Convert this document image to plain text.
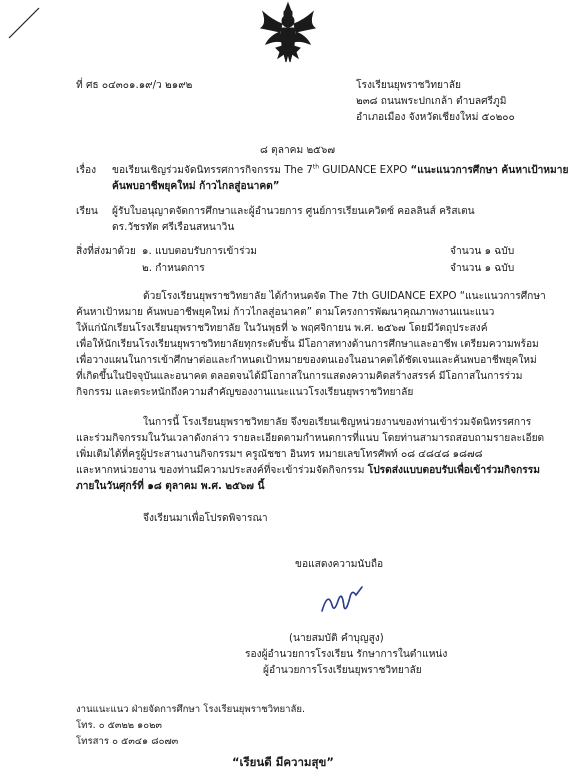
ที่ ศธ ๐๔๓๐๑.๑๙/ว ๒๑๙๒	โรงเรียนยุพราชวิทยาลัย
๒๓๘ ถนนพระปกเกล้า ตำบลศรีภูมิ
อำเภอเมือง จังหวัดเชียงใหม่ ๕๐๒๐๐
๘ ตุลาคม ๒๕๖๗
เรื่อง ขอเรียนเชิญร่วมจัดนิทรรศการกิจกรรม The 7th GUIDANCE EXPO “แนะแนวการศึกษา ค้นหาเป้าหมาย
ค้นพบอาชีพยุคใหม่ ก้าวไกลสู่อนาคต”
เรียน ผู้รับใบอนุญาตจัดการศึกษาและผู้อำนวยการ ศูนย์การเรียนเควิดซ์ คอลลินส์ คริสเตน
ดร.วัชรทัต ศรีเรือนสหนาวิน
สิ่งที่ส่งมาด้วย ๑. แบบตอบรับการเข้าร่วม	จำนวน ๑ ฉบับ
๒. กำหนดการ	จำนวน ๑ ฉบับ
ด้วยโรงเรียนยุพราชวิทยาลัย ได้กำหนดจัด The 7th GUIDANCE EXPO “แนะแนวการศึกษา
ค้นหาเป้าหมาย ค้นพบอาชีพยุคใหม่ ก้าวไกลสู่อนาคต” ตามโครงการพัฒนาคุณภาพงานแนะแนว
ให้แก่นักเรียนโรงเรียนยุพราชวิทยาลัย ในวันพุธที่ ๖ พฤศจิกายน พ.ศ. ๒๕๖๗ โดยมีวัตถุประสงค์
เพื่อให้นักเรียนโรงเรียนยุพราชวิทยาลัยทุกระดับชั้น มีโอกาสทางด้านการศึกษาและอาชีพ เตรียมความพร้อม
เพื่อวางแผนในการเข้าศึกษาต่อและกำหนดเป้าหมายของตนเองในอนาคตได้ชัดเจนและค้นพบอาชีพยุคใหม่
ที่เกิดขึ้นในปัจจุบันและอนาคต ตลอดจนได้มีโอกาสในการแสดงความคิดสร้างสรรค์ มีโอกาสในการร่วม
กิจกรรม และตระหนักถึงความสำคัญของงานแนะแนวโรงเรียนยุพราชวิทยาลัย
ในการนี้ โรงเรียนยุพราชวิทยาลัย จึงขอเรียนเชิญหน่วยงานของท่านเข้าร่วมจัดนิทรรศการ
และร่วมกิจกรรมในวันเวลาดังกล่าว รายละเอียดตามกำหนดการที่แนบ โดยท่านสามารถสอบถามรายละเอียด
เพิ่มเติมได้ที่ครูผู้ประสานงานกิจกรรมฯ ครูณัชชา อินทร หมายเลขโทรศัพท์ ๐๘ ๔๘๔๘ ๑๘๗๘
และหากหน่วยงาน ของท่านมีความประสงค์ที่จะเข้าร่วมจัดกิจกรรม โปรดส่งแบบตอบรับเพื่อเข้าร่วมกิจกรรม
ภายในวันศุกร์ที่ ๑๘ ตุลาคม พ.ศ. ๒๕๖๗ นี้
จึงเรียนมาเพื่อโปรดพิจารณา
ขอแสดงความนับถือ
(นายสมบัติ คำบุญสูง)
รองผู้อำนวยการโรงเรียน รักษาการในตำแหน่ง
ผู้อำนวยการโรงเรียนยุพราชวิทยาลัย
งานแนะแนว ฝ่ายจัดการศึกษา โรงเรียนยุพราชวิทยาลัย.
โทร. ๐ ๕๓๒๒ ๑๐๒๓
โทรสาร ๐ ๕๓๔๑ ๘๐๗๓
“เรียนดี มีความสุข”
